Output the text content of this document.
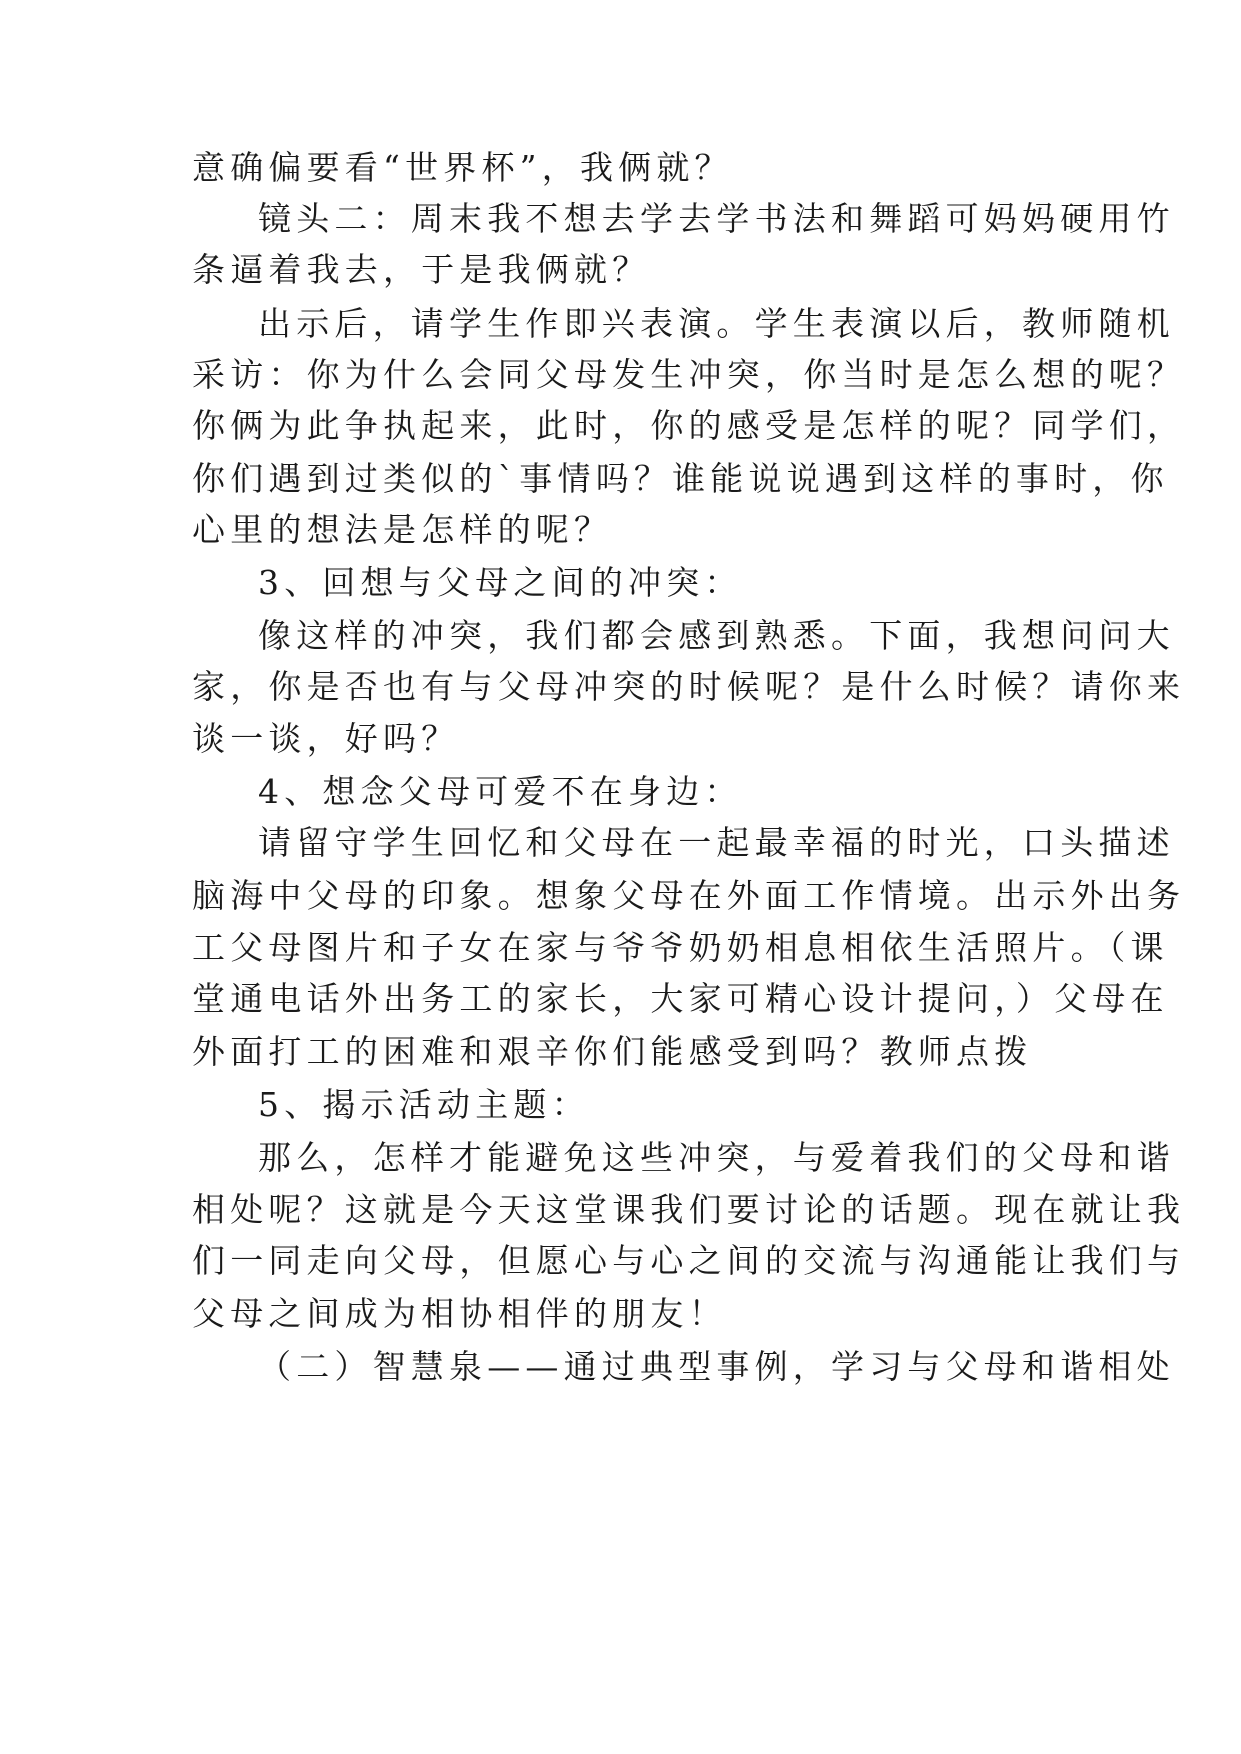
意确偏要看“世界杯”，我俩就？
镜头二：周末我不想去学去学书法和舞蹈可妈妈硬用竹
条逼着我去，于是我俩就？
出示后，请学生作即兴表演。学生表演以后，教师随机
采访：你为什么会同父母发生冲突，你当时是怎么想的呢？
你俩为此争执起来，此时，你的感受是怎样的呢？同学们，
你们遇到过类似的`事情吗？谁能说说遇到这样的事时，你
心里的想法是怎样的呢？
3、回想与父母之间的冲突：
像这样的冲突，我们都会感到熟悉。下面，我想问问大
家，你是否也有与父母冲突的时候呢？是什么时候？请你来
谈一谈，好吗？
4、想念父母可爱不在身边：
请留守学生回忆和父母在一起最幸福的时光，口头描述
脑海中父母的印象。想象父母在外面工作情境。出示外出务
工父母图片和子女在家与爷爷奶奶相息相依生活照片。（课
堂通电话外出务工的家长，大家可精心设计提问，）父母在
外面打工的困难和艰辛你们能感受到吗？教师点拨
5、揭示活动主题：
那么，怎样才能避免这些冲突，与爱着我们的父母和谐
相处呢？这就是今天这堂课我们要讨论的话题。现在就让我
们一同走向父母，但愿心与心之间的交流与沟通能让我们与
父母之间成为相协相伴的朋友！
（二）智慧泉——通过典型事例，学习与父母和谐相处
